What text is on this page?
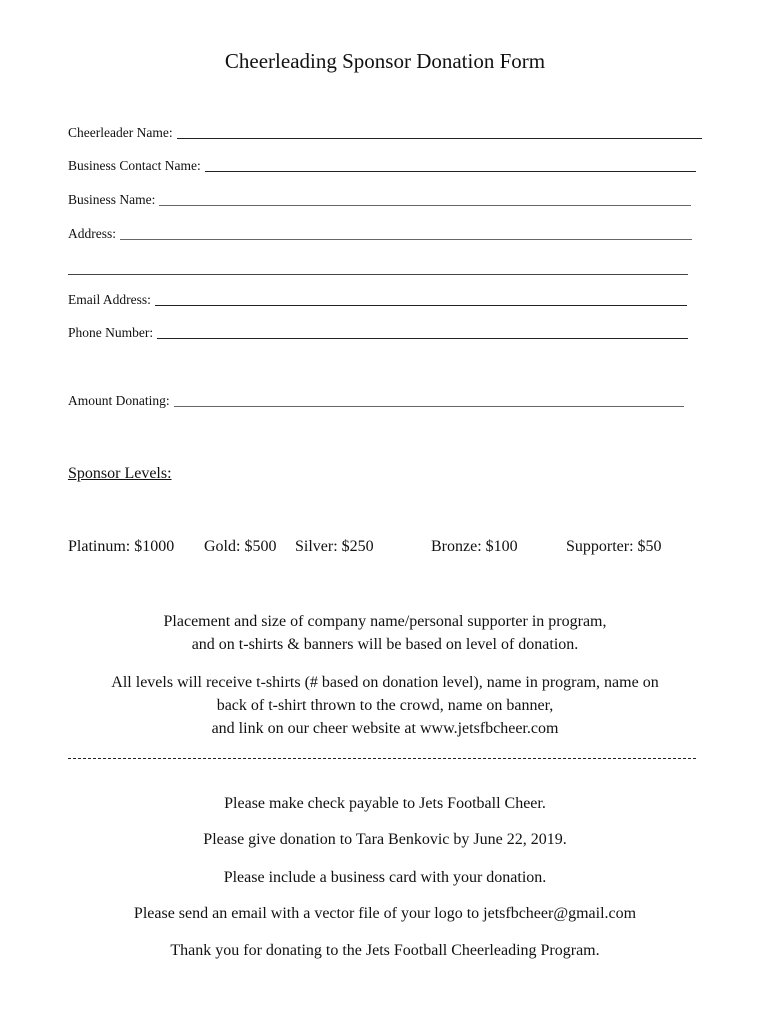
Cheerleading Sponsor Donation Form
Cheerleader Name:
Business Contact Name:
Business Name:
Address:
Email Address:
Phone Number:
Amount Donating:
Sponsor Levels:
Platinum: $1000 Gold: $500 Silver: $250	Bronze: $100	Supporter: $50
Placement and size of company name/personal supporter in program,
and on t-shirts & banners will be based on level of donation.
All levels will receive t-shirts (# based on donation level), name in program, name on
back of t-shirt thrown to the crowd, name on banner,
and link on our cheer website at www.jetsfbcheer.com
Please make check payable to Jets Football Cheer.
Please give donation to Tara Benkovic by June 22, 2019.
Please include a business card with your donation.
Please send an email with a vector file of your logo to jetsfbcheer@gmail.com
Thank you for donating to the Jets Football Cheerleading Program.
